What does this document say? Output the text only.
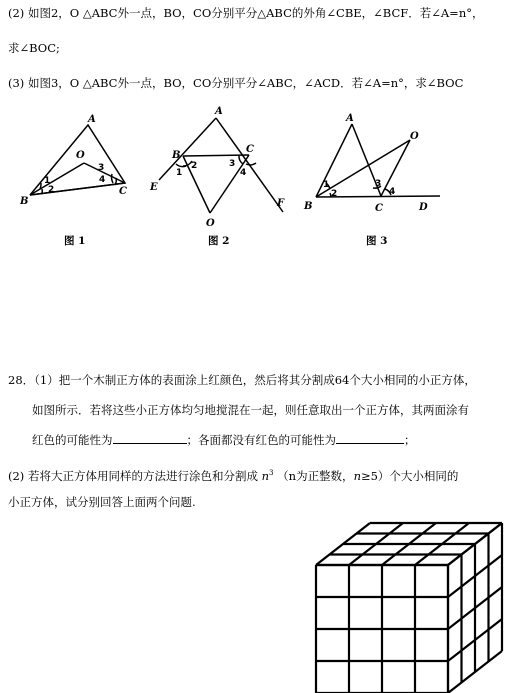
(2) 如图2，O △ABC外一点，BO，CO分别平分△ABC的外角∠CBE，∠BCF．若∠A=n°，
求∠BOC;
(3) 如图3，O △ABC外一点，BO，CO分别平分∠ABC，∠ACD．若∠A=n°，求∠BOC
A
B
C
O
1
2
3
4
A
B
C
O
E
F
1
2	3
4
A
B	C
O
D
1
2
3
4
图 1	图 2	图 3
28．（1）把一个木制正方体的表面涂上红颜色，然后将其分割成64个大小相同的小正方体，
如图所示．若将这些小正方体均匀地搅混在一起，则任意取出一个正方体，其两面涂有
红色的可能性为	；各面都没有红色的可能性为	；
(2) 若将大正方体用同样的方法进行涂色和分割成 $n^3$ （n为正整数，n≥5）个大小相同的
小正方体，试分别回答上面两个问题.
